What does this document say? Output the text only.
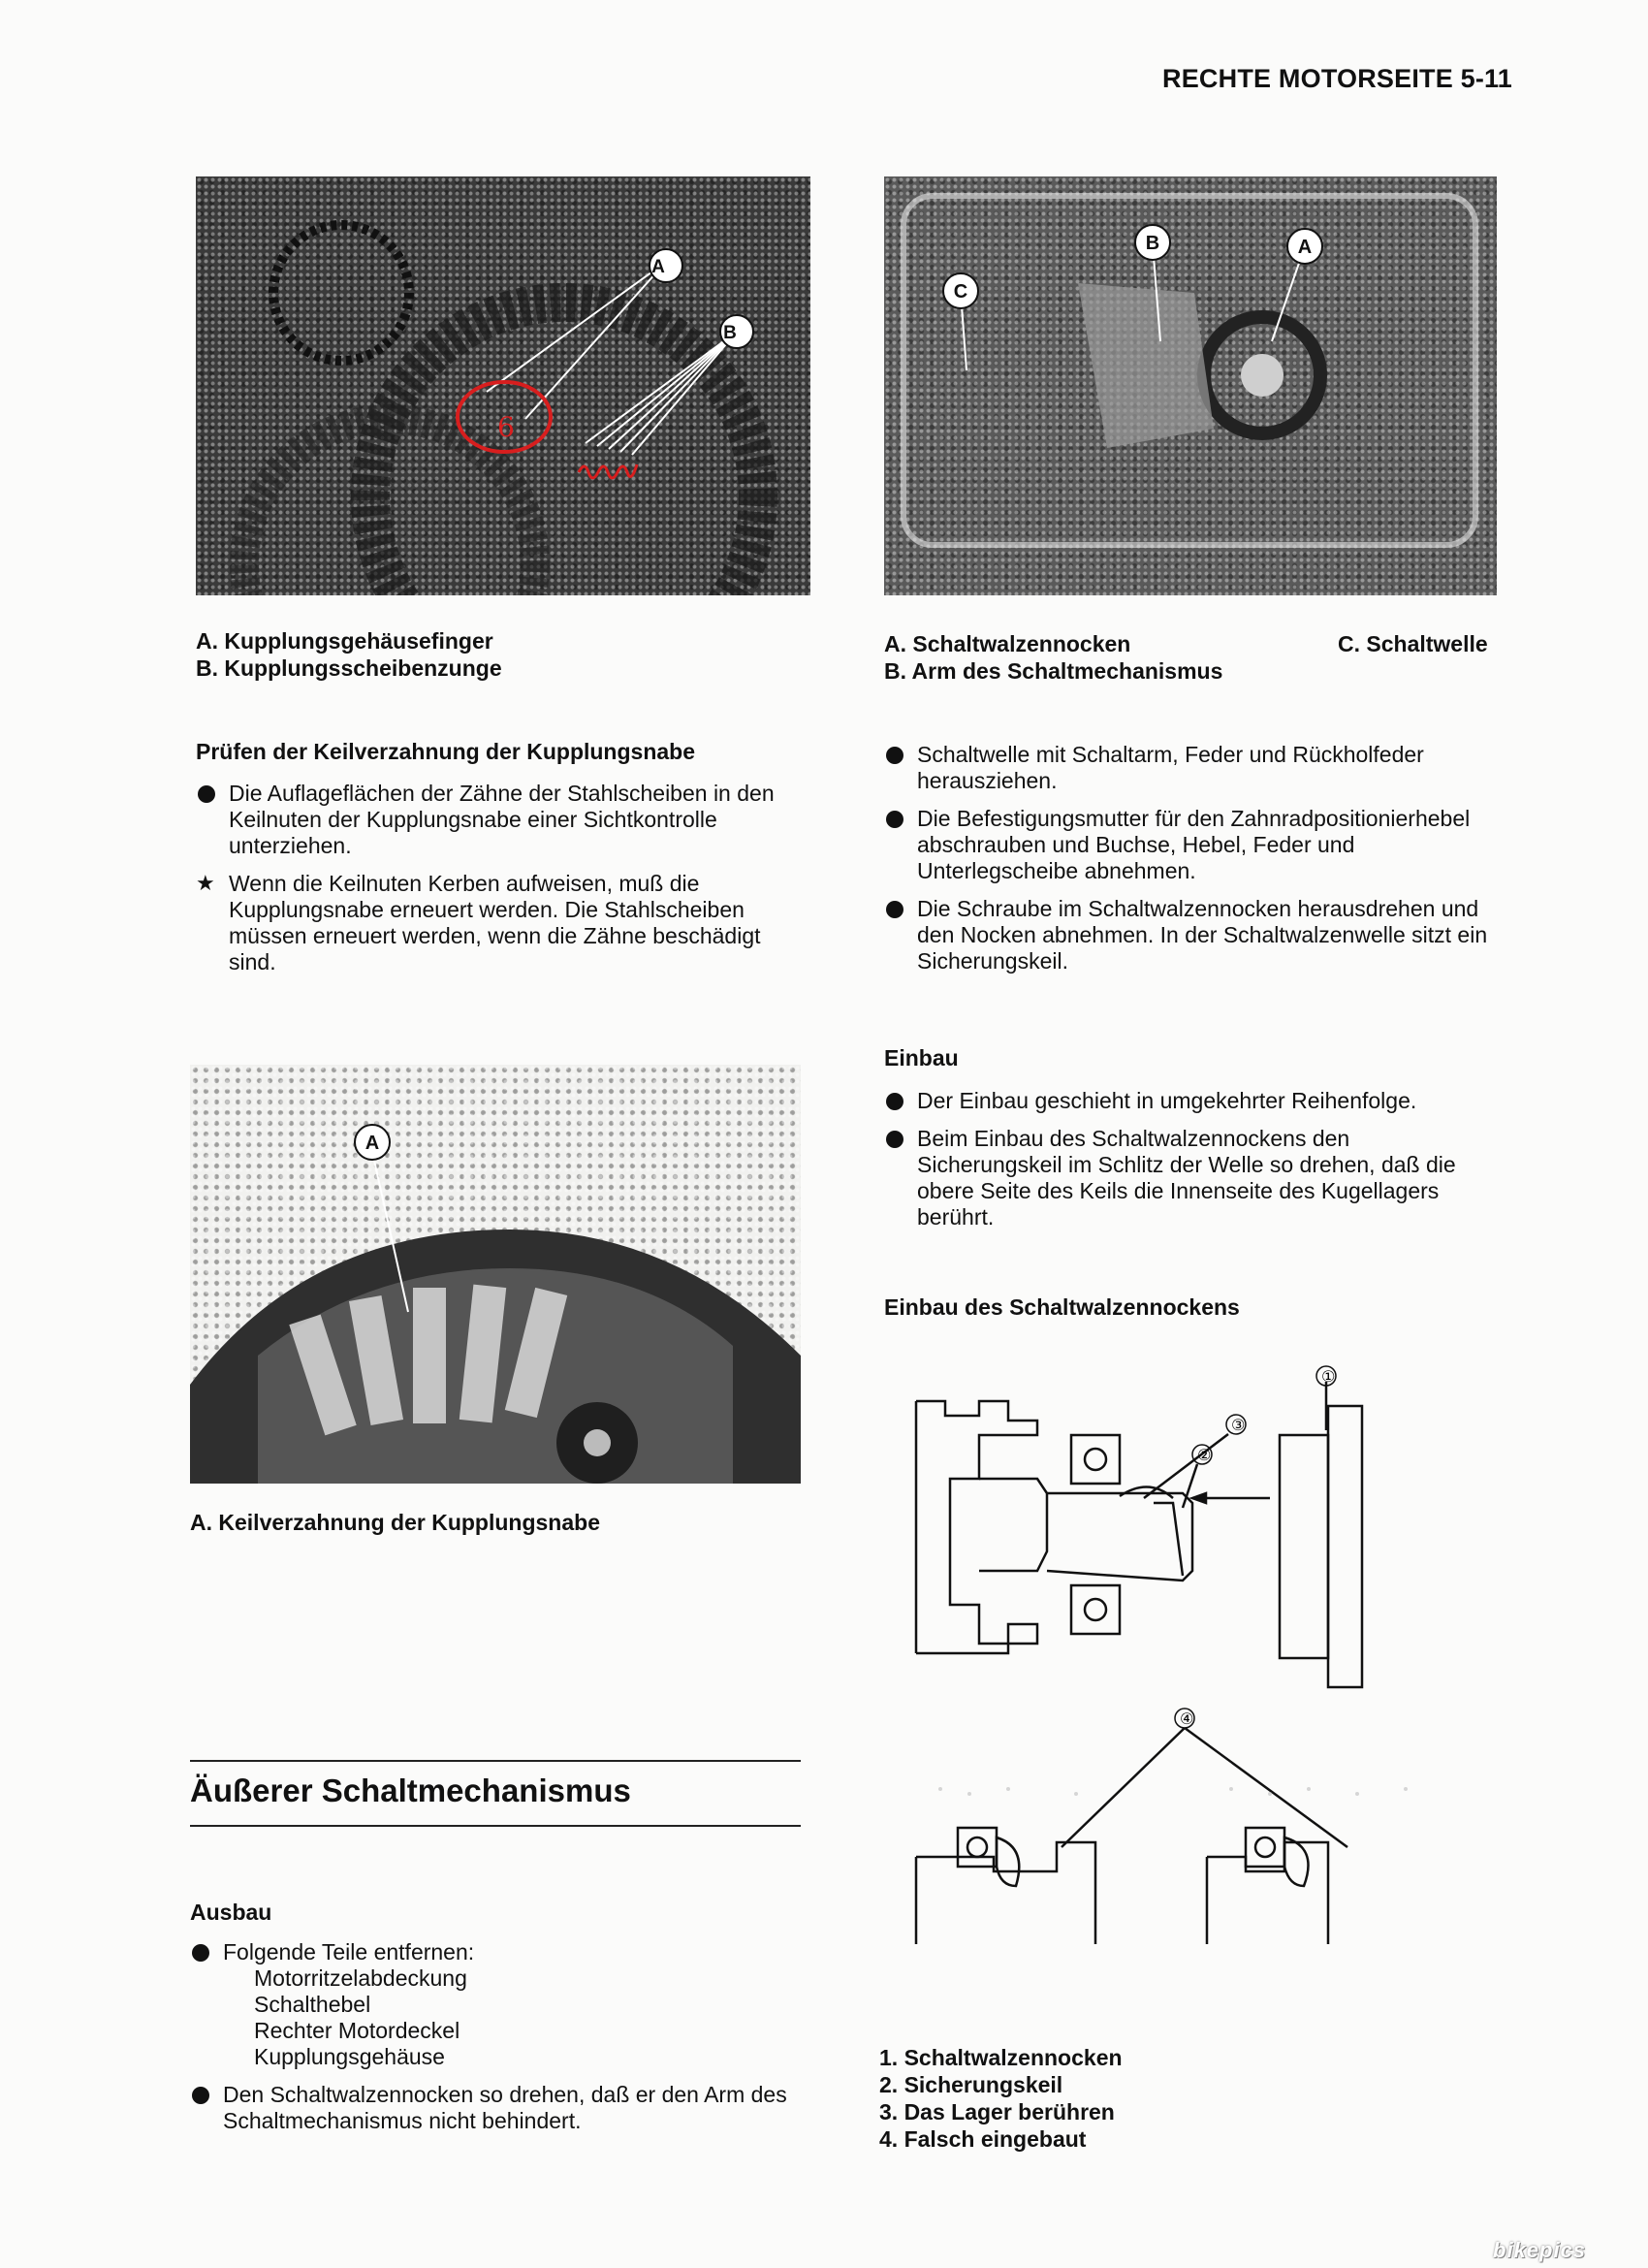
RECHTE MOTORSEITE 5-11
6
A
B
A. Kupplungsgehäusefinger
B. Kupplungsscheibenzunge
B	A
C
A. Schaltwalzennocken
B. Arm des Schaltmechanismus
C. Schaltwelle
Prüfen der Keilverzahnung der Kupplungsnabe
Die Auflageflächen der Zähne der Stahlscheiben in den Keilnuten der Kupplungsnabe einer Sichtkontrolle unterziehen.
★ Wenn die Keilnuten Kerben aufweisen, muß die Kupplungsnabe erneuert werden. Die Stahlscheiben müssen erneuert werden, wenn die Zähne beschädigt sind.
Schaltwelle mit Schaltarm, Feder und Rückholfeder herausziehen.
Die Befestigungsmutter für den Zahnradpositionierhebel abschrauben und Buchse, Hebel, Feder und Unterlegscheibe abnehmen.
Die Schraube im Schaltwalzennocken herausdrehen und den Nocken abnehmen. In der Schaltwalzenwelle sitzt ein Sicherungskeil.
Einbau
Der Einbau geschieht in umgekehrter Reihenfolge.
Beim Einbau des Schaltwalzennockens den Sicherungskeil im Schlitz der Welle so drehen, daß die obere Seite des Keils die Innenseite des Kugellagers berührt.
Einbau des Schaltwalzennockens
A
A. Keilverzahnung der Kupplungsnabe
Äußerer Schaltmechanismus
Ausbau
Folgende Teile entfernen:
Motorritzelabdeckung
Schalthebel
Rechter Motordeckel
Kupplungsgehäuse
Den Schaltwalzennocken so drehen, daß er den Arm des Schaltmechanismus nicht behindert.
③
②
①
④
1. Schaltwalzennocken
2. Sicherungskeil
3. Das Lager berühren
4. Falsch eingebaut
bikepics
